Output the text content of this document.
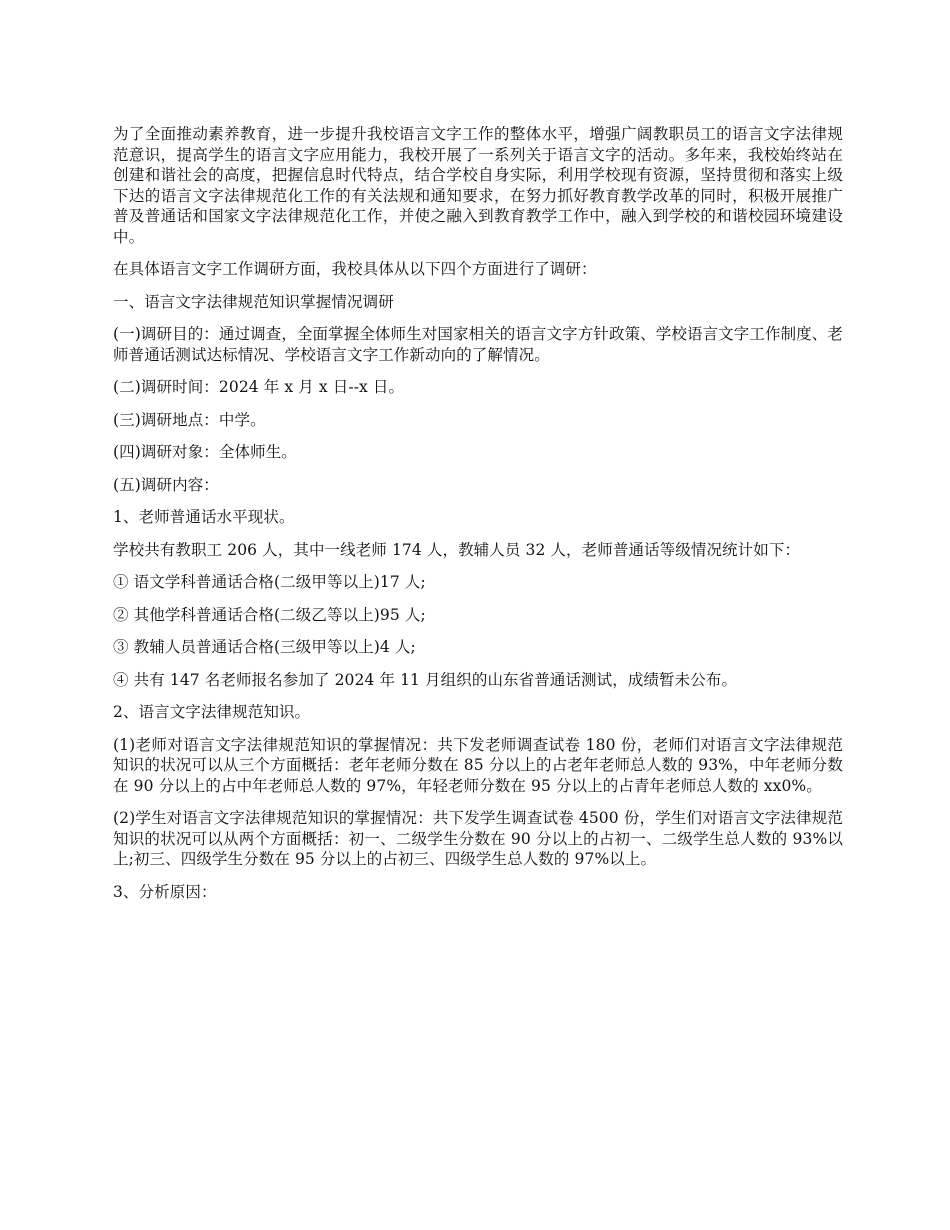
为了全面推动素养教育，进一步提升我校语言文字工作的整体水平，增强广阔教职员工的语言文字法律规范意识，提高学生的语言文字应用能力，我校开展了一系列关于语言文字的活动。多年来，我校始终站在创建和谐社会的高度，把握信息时代特点，结合学校自身实际，利用学校现有资源，坚持贯彻和落实上级下达的语言文字法律规范化工作的有关法规和通知要求，在努力抓好教育教学改革的同时，积极开展推广普及普通话和国家文字法律规范化工作，并使之融入到教育教学工作中，融入到学校的和谐校园环境建设中。

在具体语言文字工作调研方面，我校具体从以下四个方面进行了调研：

一、语言文字法律规范知识掌握情况调研

(一)调研目的：通过调查，全面掌握全体师生对国家相关的语言文字方针政策、学校语言文字工作制度、老师普通话测试达标情况、学校语言文字工作新动向的了解情况。

(二)调研时间：2024 年 x 月 x 日--x 日。

(三)调研地点：中学。

(四)调研对象：全体师生。

(五)调研内容：

1、老师普通话水平现状。

学校共有教职工 206 人，其中一线老师 174 人，教辅人员 32 人，老师普通话等级情况统计如下：

① 语文学科普通话合格(二级甲等以上)17 人;

② 其他学科普通话合格(二级乙等以上)95 人;

③ 教辅人员普通话合格(三级甲等以上)4 人;

④ 共有 147 名老师报名参加了 2024 年 11 月组织的山东省普通话测试，成绩暂未公布。

2、语言文字法律规范知识。

(1)老师对语言文字法律规范知识的掌握情况：共下发老师调查试卷 180 份，老师们对语言文字法律规范知识的状况可以从三个方面概括：老年老师分数在 85 分以上的占老年老师总人数的 93%，中年老师分数在 90 分以上的占中年老师总人数的 97%，年轻老师分数在 95 分以上的占青年老师总人数的 xx0%。

(2)学生对语言文字法律规范知识的掌握情况：共下发学生调查试卷 4500 份，学生们对语言文字法律规范知识的状况可以从两个方面概括：初一、二级学生分数在 90 分以上的占初一、二级学生总人数的 93%以上;初三、四级学生分数在 95 分以上的占初三、四级学生总人数的 97%以上。

3、分析原因：
